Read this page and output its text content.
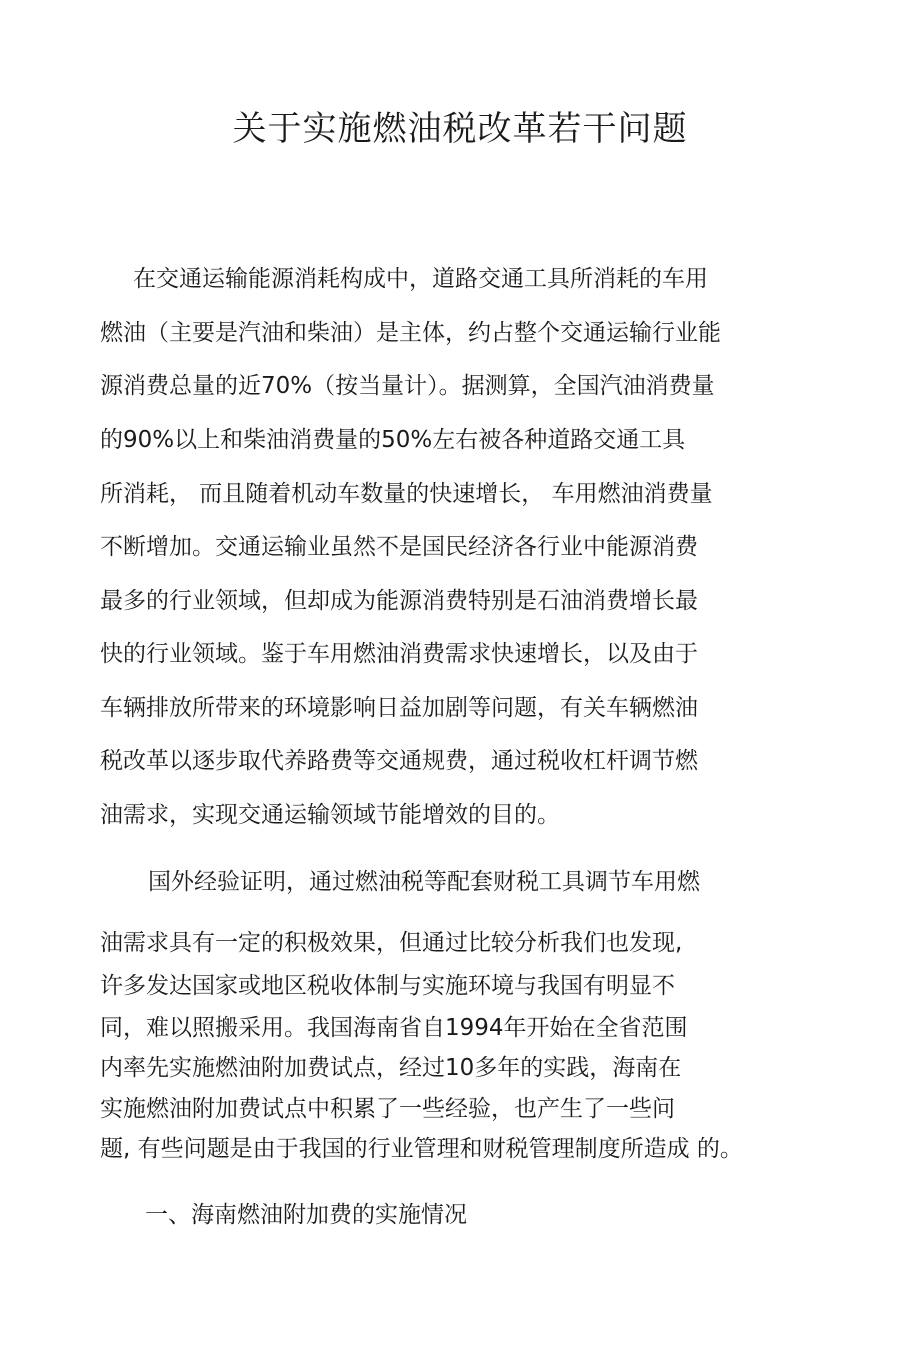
关于实施燃油税改革若干问题

在交通运输能源消耗构成中，道路交通工具所消耗的车用

燃油（主要是汽油和柴油）是主体，约占整个交通运输行业能

源消费总量的近70%（按当量计）。据测算，全国汽油消费量

的90%以上和柴油消费量的50%左右被各种道路交通工具

所消耗， 而且随着机动车数量的快速增长， 车用燃油消费量

不断增加。交通运输业虽然不是国民经济各行业中能源消费

最多的行业领域，但却成为能源消费特别是石油消费增长最

快的行业领域。鉴于车用燃油消费需求快速增长，以及由于

车辆排放所带来的环境影响日益加剧等问题，有关车辆燃油

税改革以逐步取代养路费等交通规费，通过税收杠杆调节燃

油需求，实现交通运输领域节能增效的目的。

国外经验证明，通过燃油税等配套财税工具调节车用燃

油需求具有一定的积极效果，但通过比较分析我们也发现,

许多发达国家或地区税收体制与实施环境与我国有明显不

同，难以照搬采用。我国海南省自1994年开始在全省范围

内率先实施燃油附加费试点，经过10多年的实践，海南在

实施燃油附加费试点中积累了一些经验，也产生了一些问

题, 有些问题是由于我国的行业管理和财税管理制度所造成 的。

一、海南燃油附加费的实施情况
